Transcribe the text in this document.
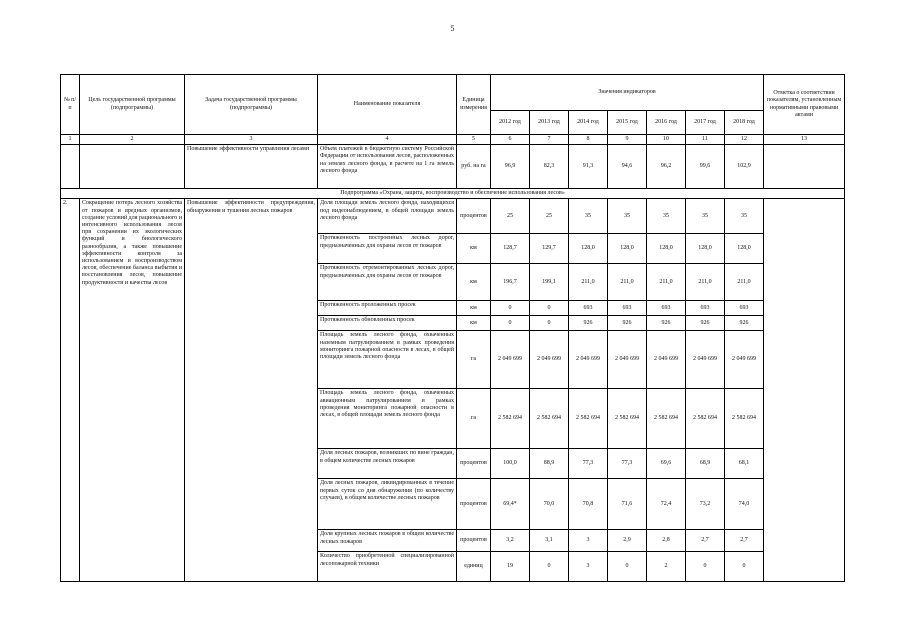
5
№ п/п	Цель государственной программы (подпрограммы)	Задача государственной программы (подпрограммы)	Наименование показателя	Единица измерения	Значения индикаторов							Отметка о соответствии показателям, установленным нормативными правовыми актами
					2012 год	2013 год	2014 год	2015 год	2016 год	2017 год	2018 год	
1	2	3	4	5	6	7	8	9	10	11	12	13
		Повышение эффективности управления лесами	Объем платежей в бюджетную систему Российской Федерации от использования лесов, расположенных на землях лесного фонда, в расчете на 1 га земель лесного фонда	руб. на га	96,9	82,3	91,3	94,6	96,2	99,6	102,9	
Подпрограмма «Охрана, защита, воспроизводство и обеспечение использования лесов»												
2.	Сокращение потерь лесного хозяйства от пожаров и вредных организмов, создание условий для рационального и интенсивного использования лесов при сохранении их экологических функций и биологического разнообразия, а также повышение эффективности контроля за использованием и воспроизводством лесов, обеспечение баланса выбытия и восстановления лесов, повышение продуктивности и качества лесов	Повышение эффективности предупреждения, обнаружения и тушения лесных пожаров	Доля площади земель лесного фонда, находящихся под видеонаблюдением, в общей площади земель лесного фонда	процентов	25	25	35	35	35	35	35	
			Протяженность построенных лесных дорог, предназначенных для охраны лесов от пожаров	км	128,7	129,7	128,0	128,0	128,0	128,0	128,0	
			Протяженность отремонтированных лесных дорог, предназначенных для охраны лесов от пожаров	км	196,7	199,1	211,0	211,0	211,0	211,0	211,0	
			Протяженность проложенных просек	км	0	0	693	693	693	693	693	
			Протяженность обновленных просек	км	0	0	926	926	926	926	926	
			Площадь земель лесного фонда, охваченных наземным патрулированием в рамках проведения мониторинга пожарной опасности в лесах, в общей площади земель лесного фонда	га	2 049 699	2 049 699	2 049 699	2 049 699	2 049 699	2 049 699	2 049 699	
			Площадь земель лесного фонда, охваченных авиационным патрулированием в рамках проведения мониторинга пожарной опасности в лесах, в общей площади земель лесного фонда	га	2 582 694	2 582 694	2 582 694	2 582 694	2 582 694	2 582 694	2 582 694	
			Доля лесных пожаров, возникших по вине граждан, в общем количестве лесных пожаров	процентов	100,0	88,9	77,3	77,3	69,6	68,9	68,1	
			Доля лесных пожаров, ликвидированных в течение первых суток со дня обнаружения (по количеству случаев), в общем количестве лесных пожаров	процентов	69,4*	70,0	70,8	71,6	72,4	73,2	74,0	
			Доля крупных лесных пожаров в общем количестве лесных пожаров	процентов	3,2	3,1	3	2,9	2,8	2,7	2,7	
			Количество приобретенной специализированной лесопожарной техники	единиц	19	0	3	0	2	0	0	
